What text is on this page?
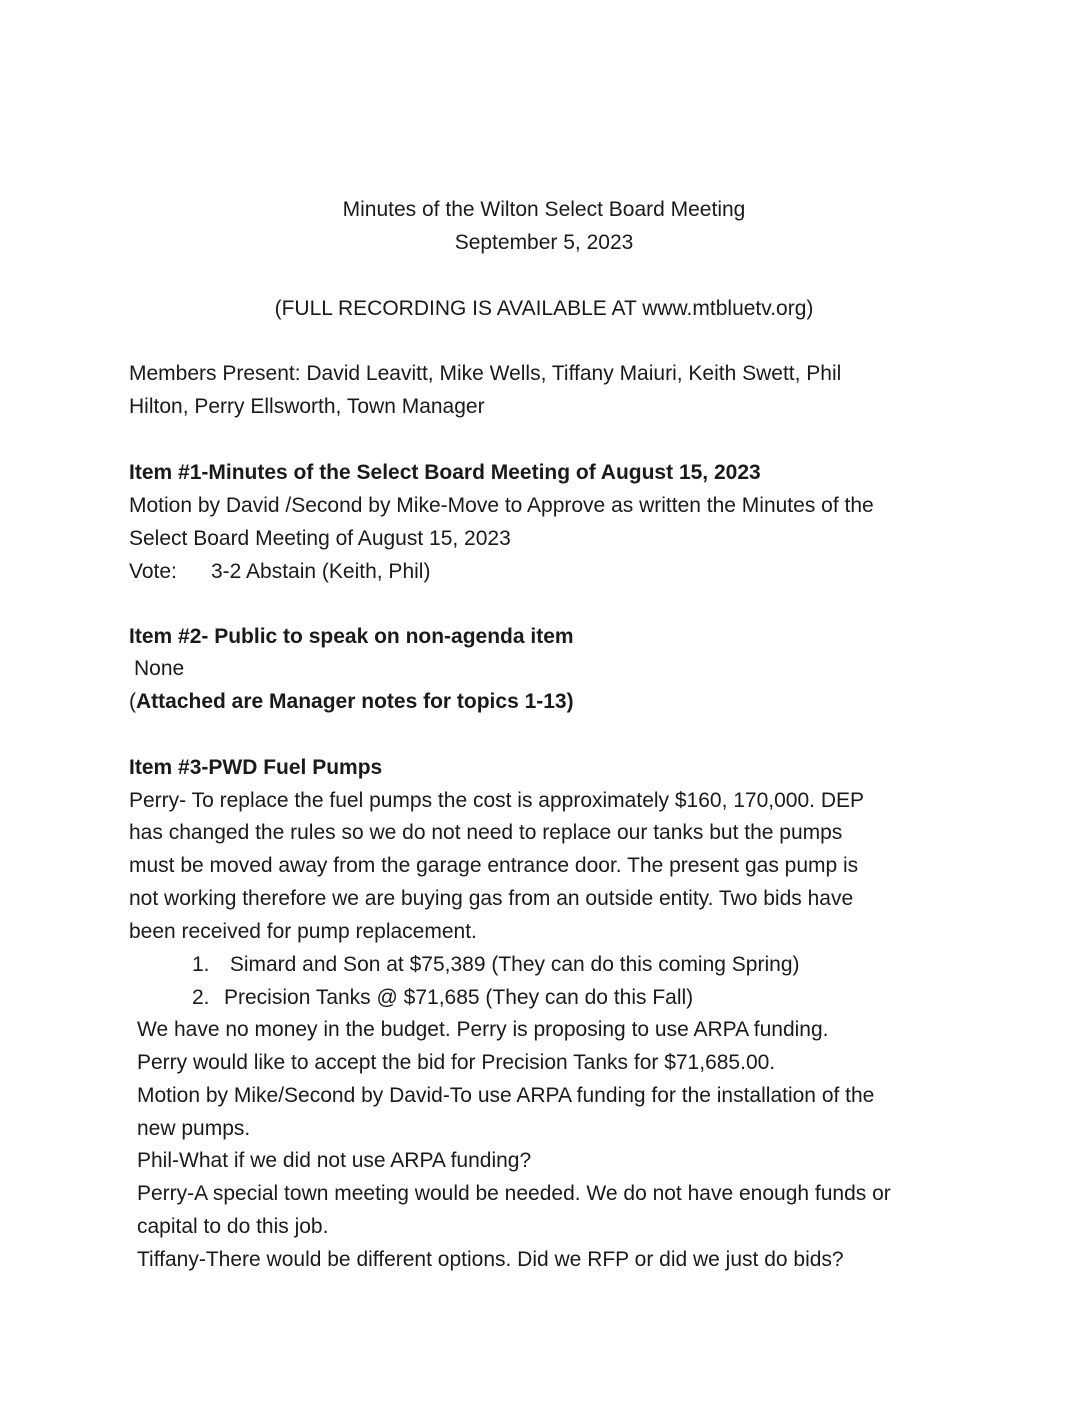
Minutes of the Wilton Select Board Meeting
September 5, 2023
(FULL RECORDING IS AVAILABLE AT www.mtbluetv.org)
Members Present: David Leavitt, Mike Wells, Tiffany Maiuri, Keith Swett, Phil
Hilton, Perry Ellsworth, Town Manager
Item #1-Minutes of the Select Board Meeting of August 15, 2023
Motion by David /Second by Mike-Move to Approve as written the Minutes of the
Select Board Meeting of August 15, 2023
Vote: 3-2 Abstain (Keith, Phil)
Item #2- Public to speak on non-agenda item
None
(Attached are Manager notes for topics 1-13)
Item #3-PWD Fuel Pumps
Perry- To replace the fuel pumps the cost is approximately $160, 170,000. DEP
has changed the rules so we do not need to replace our tanks but the pumps
must be moved away from the garage entrance door. The present gas pump is
not working therefore we are buying gas from an outside entity. Two bids have
been received for pump replacement.
1. Simard and Son at $75,389 (They can do this coming Spring)
2. Precision Tanks @ $71,685 (They can do this Fall)
We have no money in the budget. Perry is proposing to use ARPA funding.
Perry would like to accept the bid for Precision Tanks for $71,685.00.
Motion by Mike/Second by David-To use ARPA funding for the installation of the
new pumps.
Phil-What if we did not use ARPA funding?
Perry-A special town meeting would be needed. We do not have enough funds or
capital to do this job.
Tiffany-There would be different options. Did we RFP or did we just do bids?
